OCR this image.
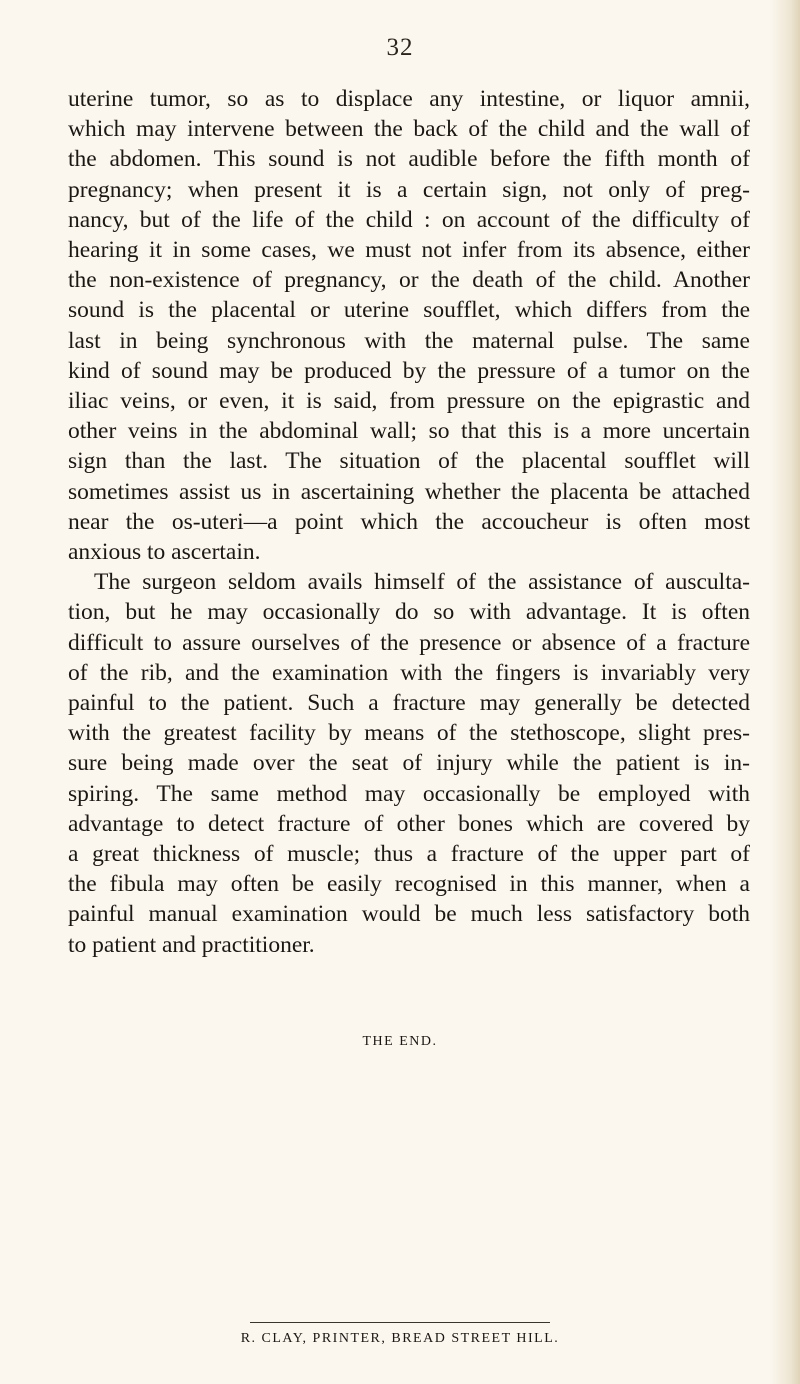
32
uterine tumor, so as to displace any intestine, or liquor amnii,
which may intervene between the back of the child and the wall of
the abdomen. This sound is not audible before the fifth month of
pregnancy; when present it is a certain sign, not only of preg-
nancy, but of the life of the child : on account of the difficulty of
hearing it in some cases, we must not infer from its absence, either
the non-existence of pregnancy, or the death of the child. Another
sound is the placental or uterine soufflet, which differs from the
last in being synchronous with the maternal pulse. The same
kind of sound may be produced by the pressure of a tumor on the
iliac veins, or even, it is said, from pressure on the epigrastic and
other veins in the abdominal wall; so that this is a more uncertain
sign than the last. The situation of the placental soufflet will
sometimes assist us in ascertaining whether the placenta be attached
near the os-uteri—a point which the accoucheur is often most
anxious to ascertain.
The surgeon seldom avails himself of the assistance of ausculta-
tion, but he may occasionally do so with advantage. It is often
difficult to assure ourselves of the presence or absence of a fracture
of the rib, and the examination with the fingers is invariably very
painful to the patient. Such a fracture may generally be detected
with the greatest facility by means of the stethoscope, slight pres-
sure being made over the seat of injury while the patient is in-
spiring. The same method may occasionally be employed with
advantage to detect fracture of other bones which are covered by
a great thickness of muscle; thus a fracture of the upper part of
the fibula may often be easily recognised in this manner, when a
painful manual examination would be much less satisfactory both
to patient and practitioner.
THE END.
R. CLAY, PRINTER, BREAD STREET HILL.
